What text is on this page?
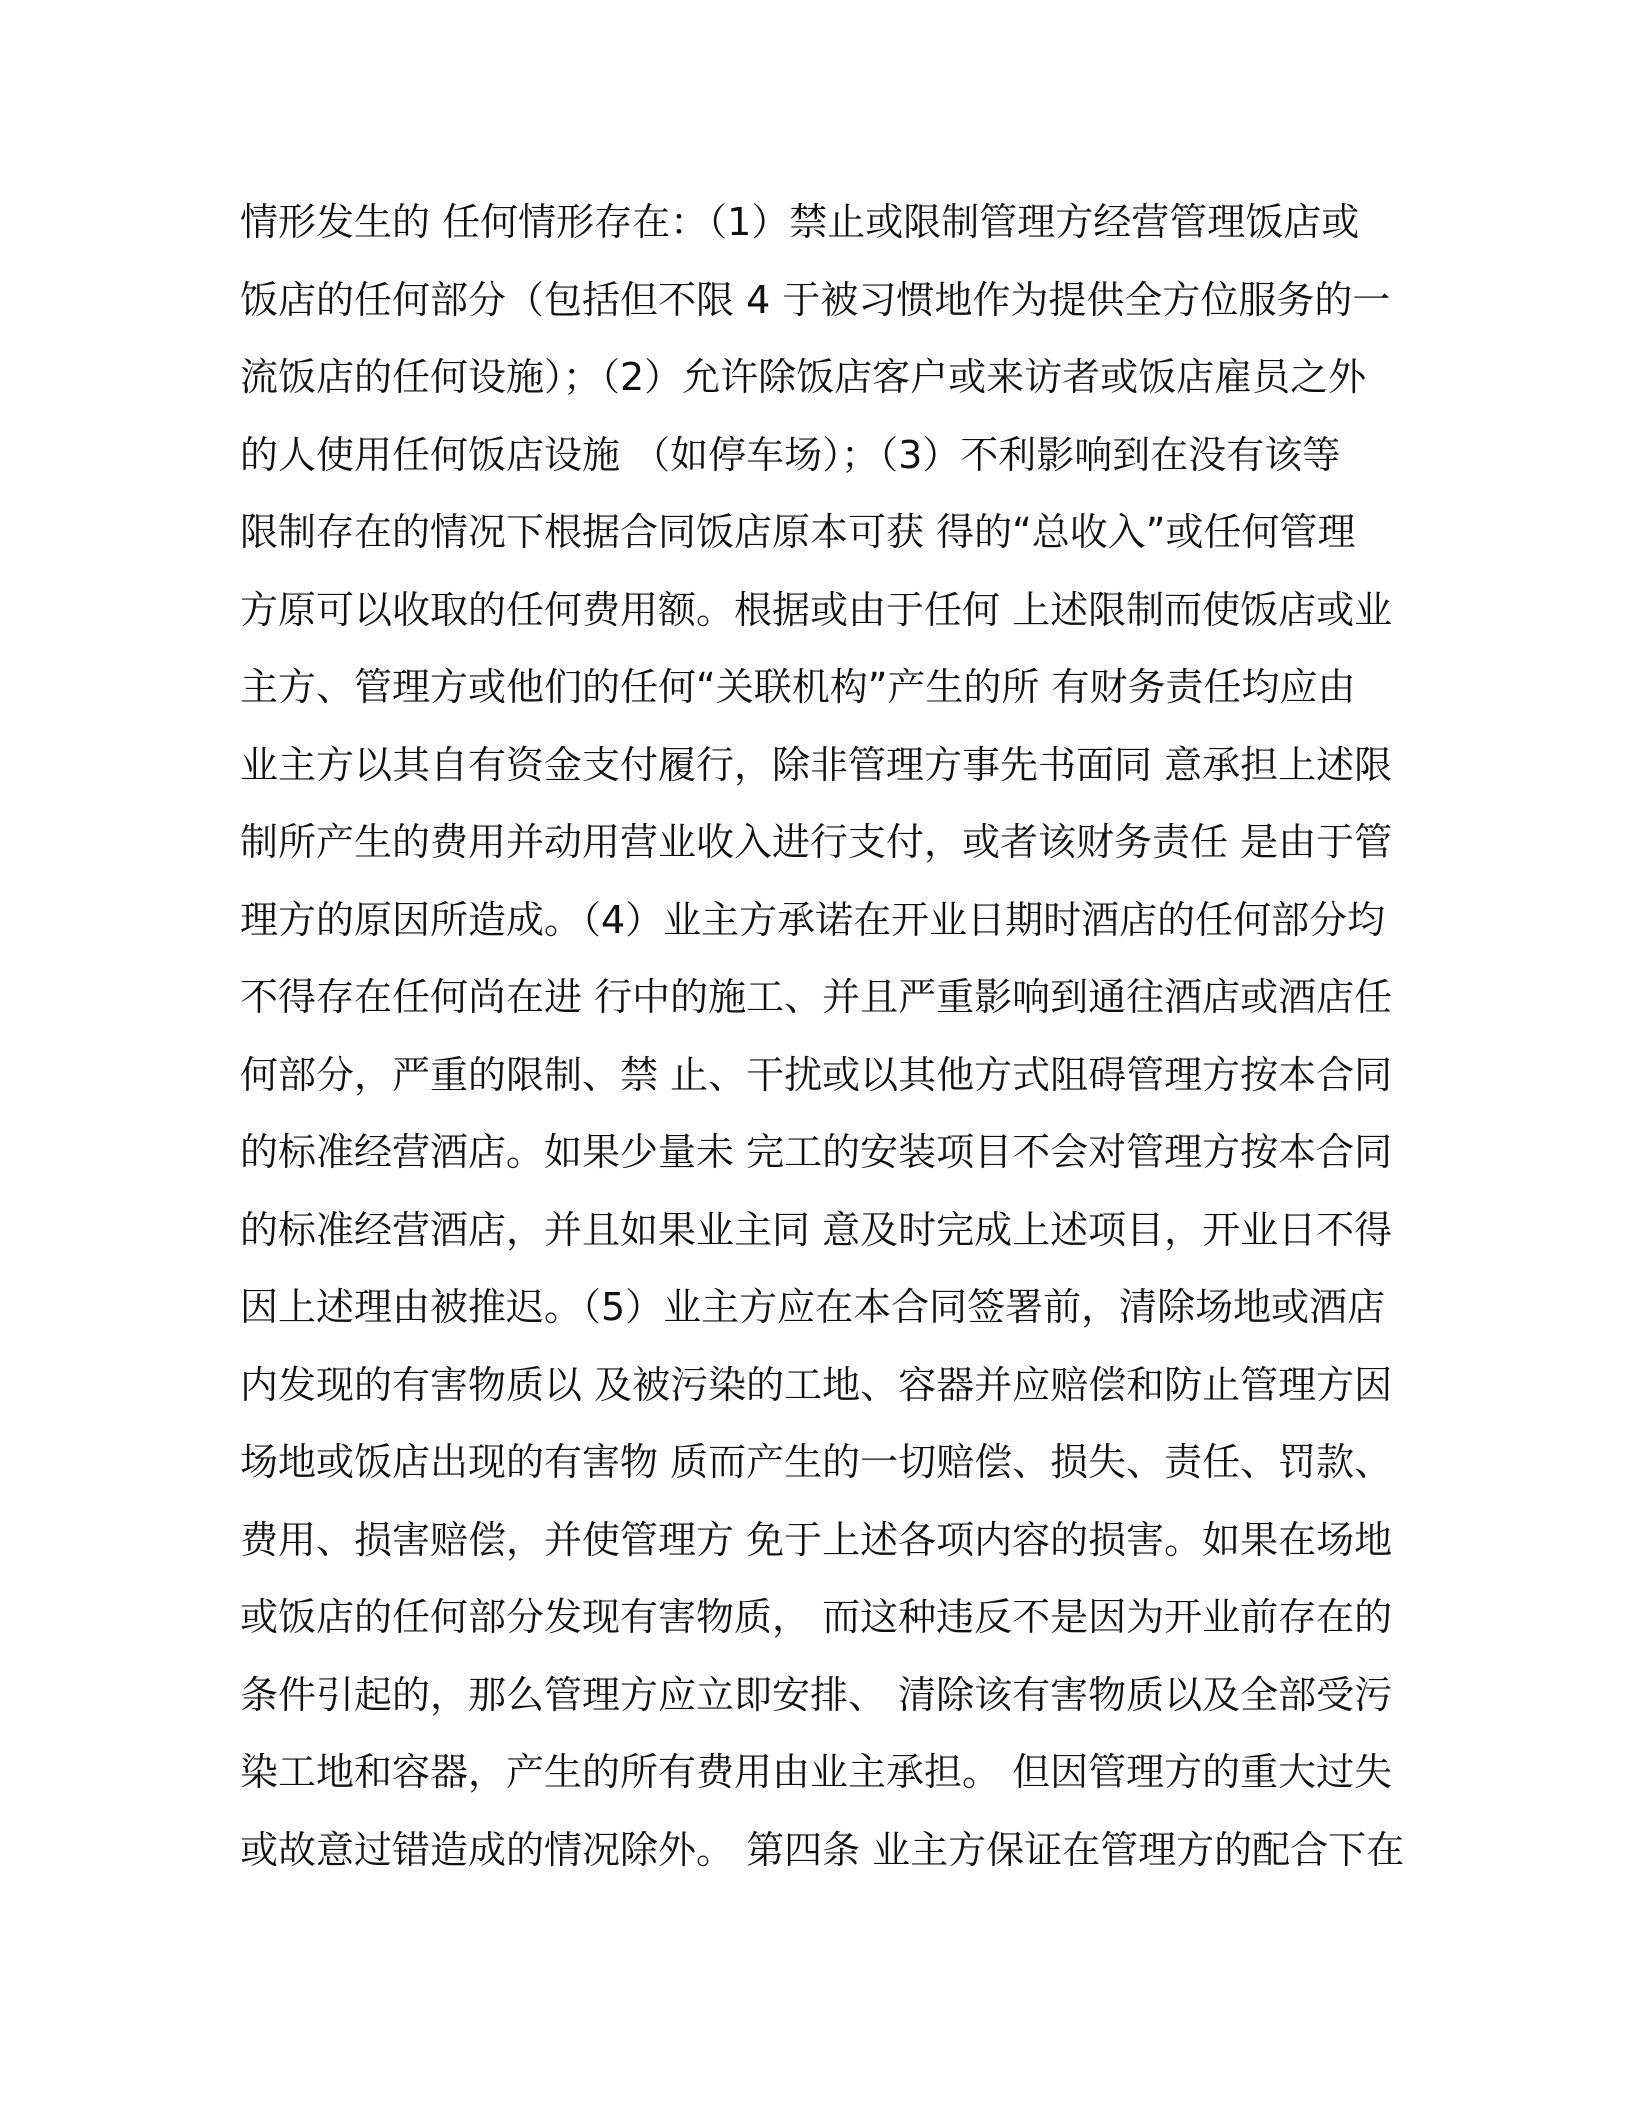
情形发生的 任何情形存在：（1）禁止或限制管理方经营管理饭店或
饭店的任何部分（包括但不限 4 于被习惯地作为提供全方位服务的一
流饭店的任何设施）；（2）允许除饭店客户或来访者或饭店雇员之外
的人使用任何饭店设施 （如停车场）；（3）不利影响到在没有该等
限制存在的情况下根据合同饭店原本可获 得的“总收入”或任何管理
方原可以收取的任何费用额。根据或由于任何 上述限制而使饭店或业
主方、管理方或他们的任何“关联机构”产生的所 有财务责任均应由
业主方以其自有资金支付履行，除非管理方事先书面同 意承担上述限
制所产生的费用并动用营业收入进行支付，或者该财务责任 是由于管
理方的原因所造成。（4）业主方承诺在开业日期时酒店的任何部分均
不得存在任何尚在进 行中的施工、并且严重影响到通往酒店或酒店任
何部分，严重的限制、禁 止、干扰或以其他方式阻碍管理方按本合同
的标准经营酒店。如果少量未 完工的安装项目不会对管理方按本合同
的标准经营酒店，并且如果业主同 意及时完成上述项目，开业日不得
因上述理由被推迟。（5）业主方应在本合同签署前，清除场地或酒店
内发现的有害物质以 及被污染的工地、容器并应赔偿和防止管理方因
场地或饭店出现的有害物 质而产生的一切赔偿、损失、责任、罚款、
费用、损害赔偿，并使管理方 免于上述各项内容的损害。如果在场地
或饭店的任何部分发现有害物质， 而这种违反不是因为开业前存在的
条件引起的，那么管理方应立即安排、 清除该有害物质以及全部受污
染工地和容器，产生的所有费用由业主承担。 但因管理方的重大过失
或故意过错造成的情况除外。 第四条 业主方保证在管理方的配合下在
